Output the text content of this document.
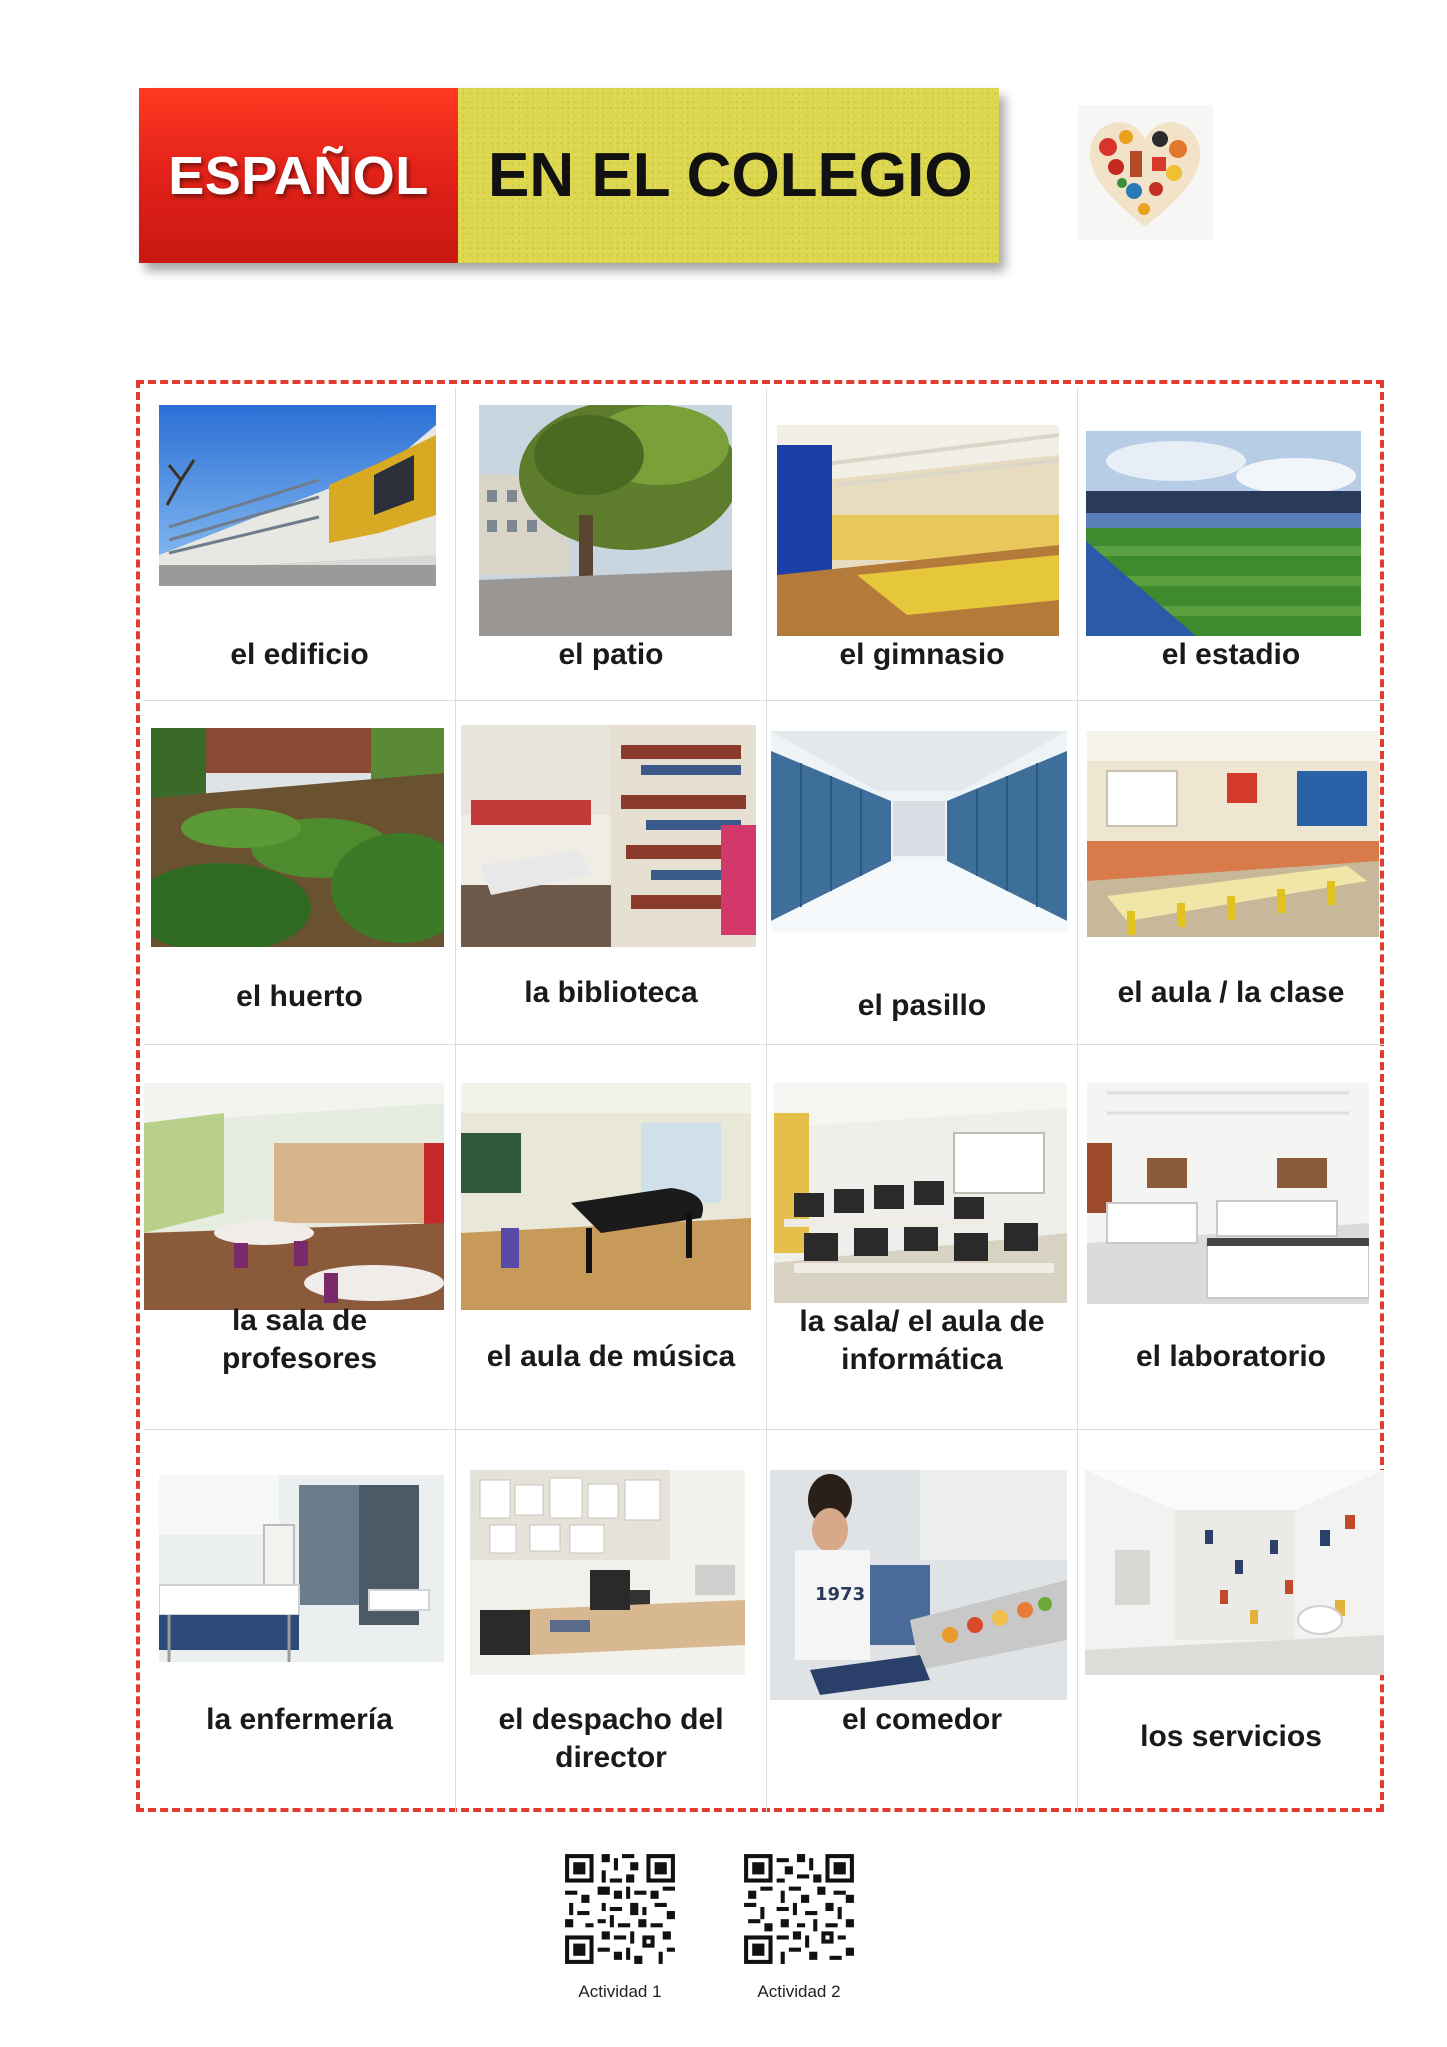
ESPAÑOL EN EL COLEGIO
el edificio	el patio	el gimnasio	el estadio
el huerto	la biblioteca	el pasillo	el aula / la clase
la sala de profesores	el aula de música
la sala/ el aula de informática	el laboratorio
la enfermería	el despacho del director
1973
el comedor
los servicios
Actividad 1	Actividad 2
